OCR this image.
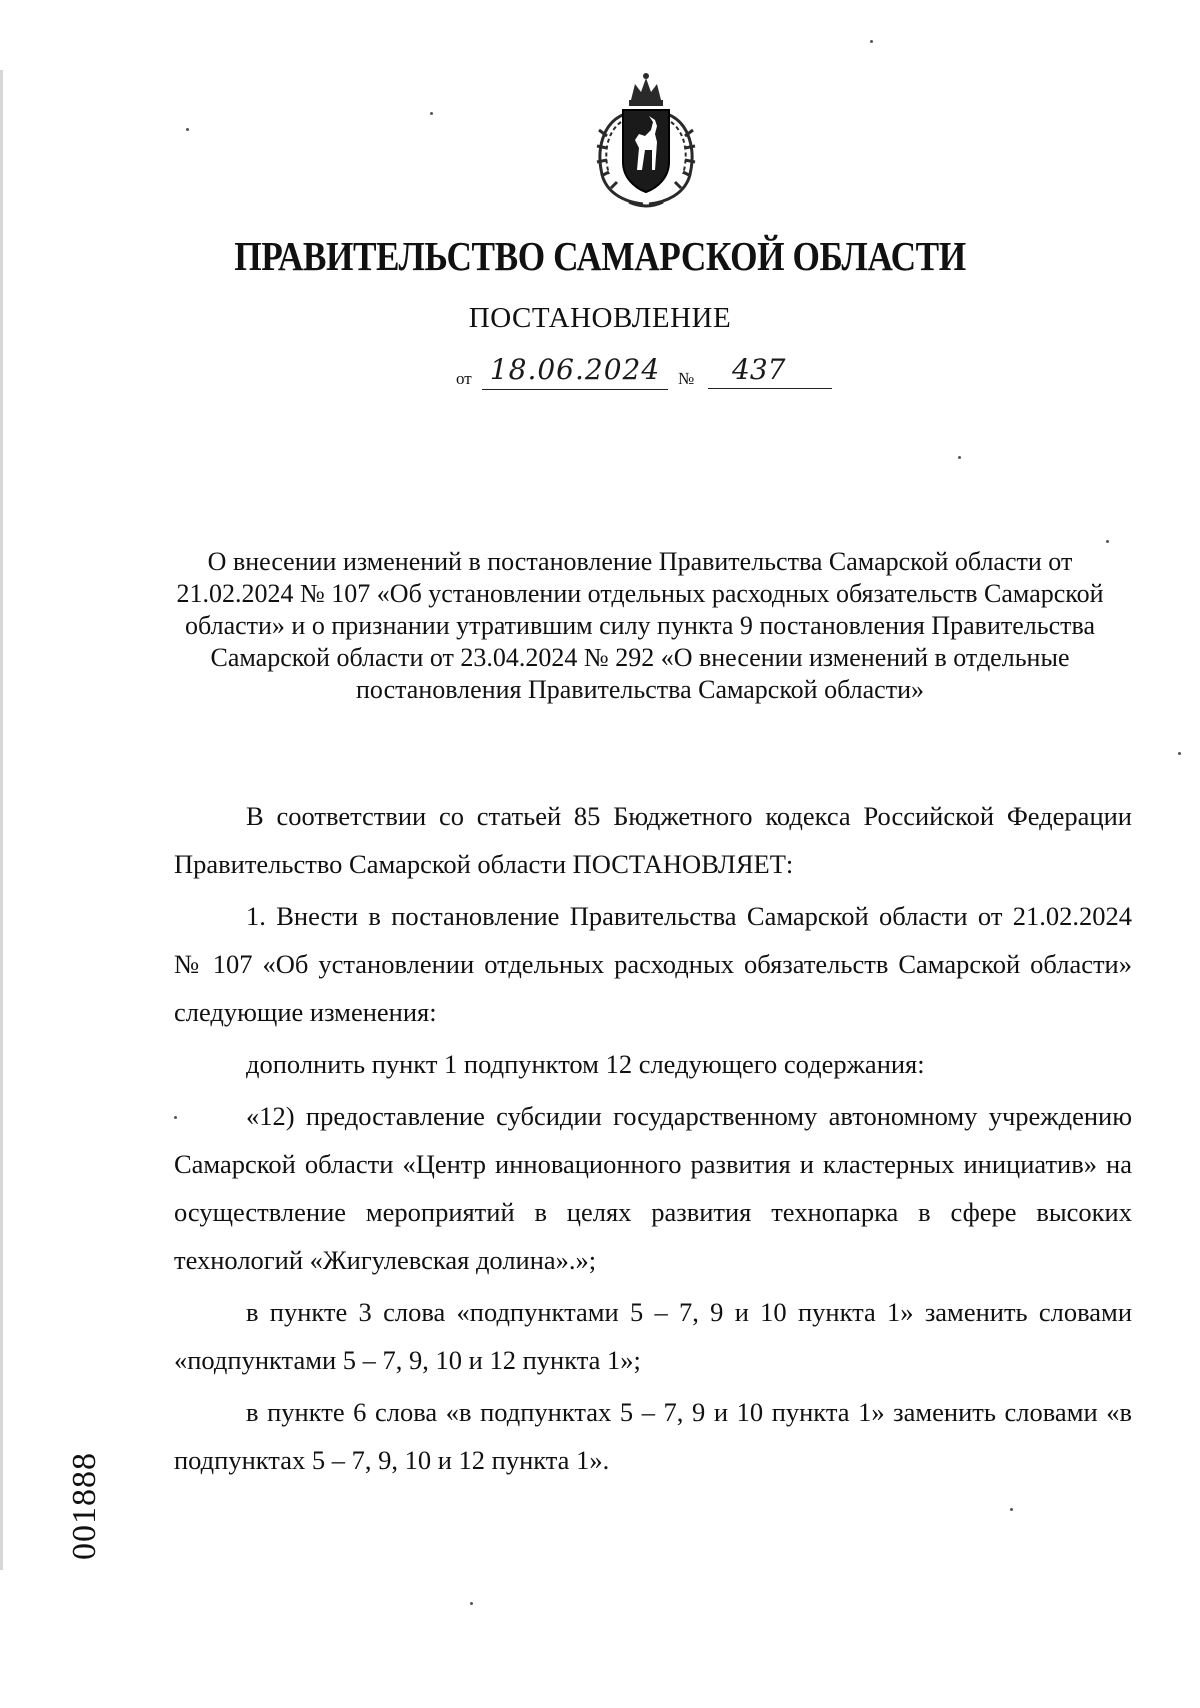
ПРАВИТЕЛЬСТВО САМАРСКОЙ ОБЛАСТИ
ПОСТАНОВЛЕНИЕ
от 18.06.2024	№	437
О внесении изменений в постановление Правительства Самарской области от 21.02.2024 № 107 «Об установлении отдельных расходных обязательств Самарской области» и о признании утратившим силу пункта 9 постановления Правительства Самарской области от 23.04.2024 № 292 «О внесении изменений в отдельные постановления Правительства Самарской области»

В соответствии со статьей 85 Бюджетного кодекса Российской Федерации Правительство Самарской области ПОСТАНОВЛЯЕТ:

1. Внести в постановление Правительства Самарской области от 21.02.2024 № 107 «Об установлении отдельных расходных обязательств Самарской области» следующие изменения:

дополнить пункт 1 подпунктом 12 следующего содержания:

«12) предоставление субсидии государственному автономному учреждению Самарской области «Центр инновационного развития и кластерных инициатив» на осуществление мероприятий в целях развития технопарка в сфере высоких технологий «Жигулевская долина».»;

в пункте 3 слова «подпунктами 5 – 7, 9 и 10 пункта 1» заменить словами «подпунктами 5 – 7, 9, 10 и 12 пункта 1»;

в пункте 6 слова «в подпунктах 5 – 7, 9 и 10 пункта 1» заменить словами «в подпунктах 5 – 7, 9, 10 и 12 пункта 1».

001888
